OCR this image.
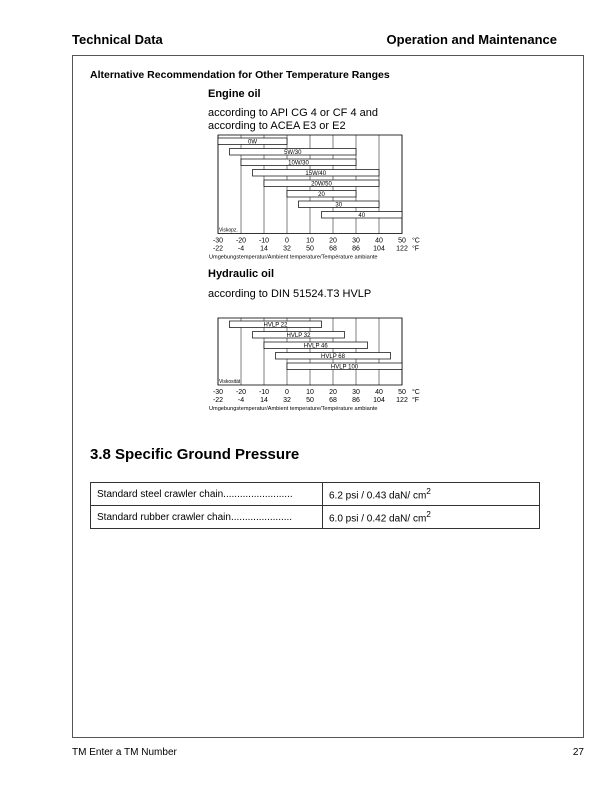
Technical Data	Operation and Maintenance
Alternative Recommendation for Other Temperature Ranges
Engine oil
according to API CG 4 or CF 4 and
according to ACEA E3 or E2
0W
5W/30
10W/30
15W/40
20W/50
20
30
40
Viskopz.
-30
-22
-20
-4
-10
14
0
32
10
50
20
68
30
86
40
104
50
122
°C
°F
Umgebungstemperatur/Ambient temperature/Température ambiante
Hydraulic oil
according to DIN 51524.T3 HVLP
HVLP 22
HVLP 32
HVLP 46
HVLP 68
HVLP 100
Viskosität
-30
-22
-20
-4
-10
14
0
32
10
50
20
68
30
86
40
104
50
122
°C
°F
Umgebungstemperatur/Ambient temperature/Température ambiante
3.8 Specific Ground Pressure
Standard steel crawler chain.........................	6.2 psi / 0.43 daN/ $cm^2$
Standard rubber crawler chain......................	6.0 psi / 0.42 daN/ $cm^2$
TM Enter a TM Number	27
